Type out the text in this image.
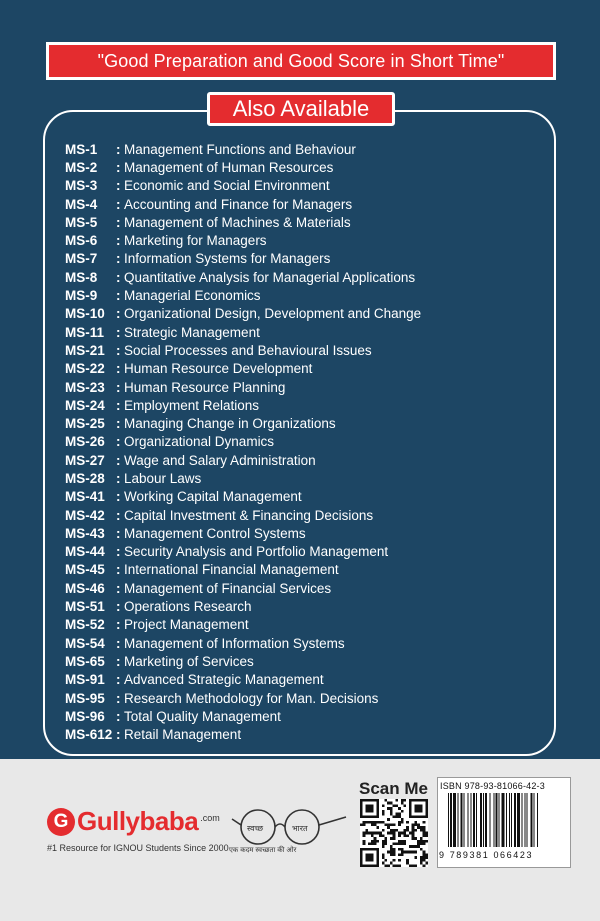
"Good Preparation and Good Score in Short Time"
Also Available
MS-1	: Management Functions and Behaviour
MS-2	: Management of Human Resources
MS-3	: Economic and Social Environment
MS-4	: Accounting and Finance for Managers
MS-5	: Management of Machines & Materials
MS-6	: Marketing for Managers
MS-7	: Information Systems for Managers
MS-8	: Quantitative Analysis for Managerial Applications
MS-9	: Managerial Economics
MS-10 : Organizational Design, Development and Change
MS-11 : Strategic Management
MS-21 : Social Processes and Behavioural Issues
MS-22 : Human Resource Development
MS-23 : Human Resource Planning
MS-24 : Employment Relations
MS-25 : Managing Change in Organizations
MS-26 : Organizational Dynamics
MS-27 : Wage and Salary Administration
MS-28 : Labour Laws
MS-41 : Working Capital Management
MS-42 : Capital Investment & Financing Decisions
MS-43 : Management Control Systems
MS-44 : Security Analysis and Portfolio Management
MS-45 : International Financial Management
MS-46 : Management of Financial Services
MS-51 : Operations Research
MS-52 : Project Management
MS-54 : Management of Information Systems
MS-65 : Marketing of Services
MS-91 : Advanced Strategic Management
MS-95 : Research Methodology for Man. Decisions
MS-96 : Total Quality Management
MS-612 : Retail Management
G Gullybaba .com
#1 Resource for IGNOU Students Since 2000
स्वच्छ	भारत
एक कदम स्वच्छता की ओर
Scan Me ISBN 978-93-81066-42-3
9 789381 066423
